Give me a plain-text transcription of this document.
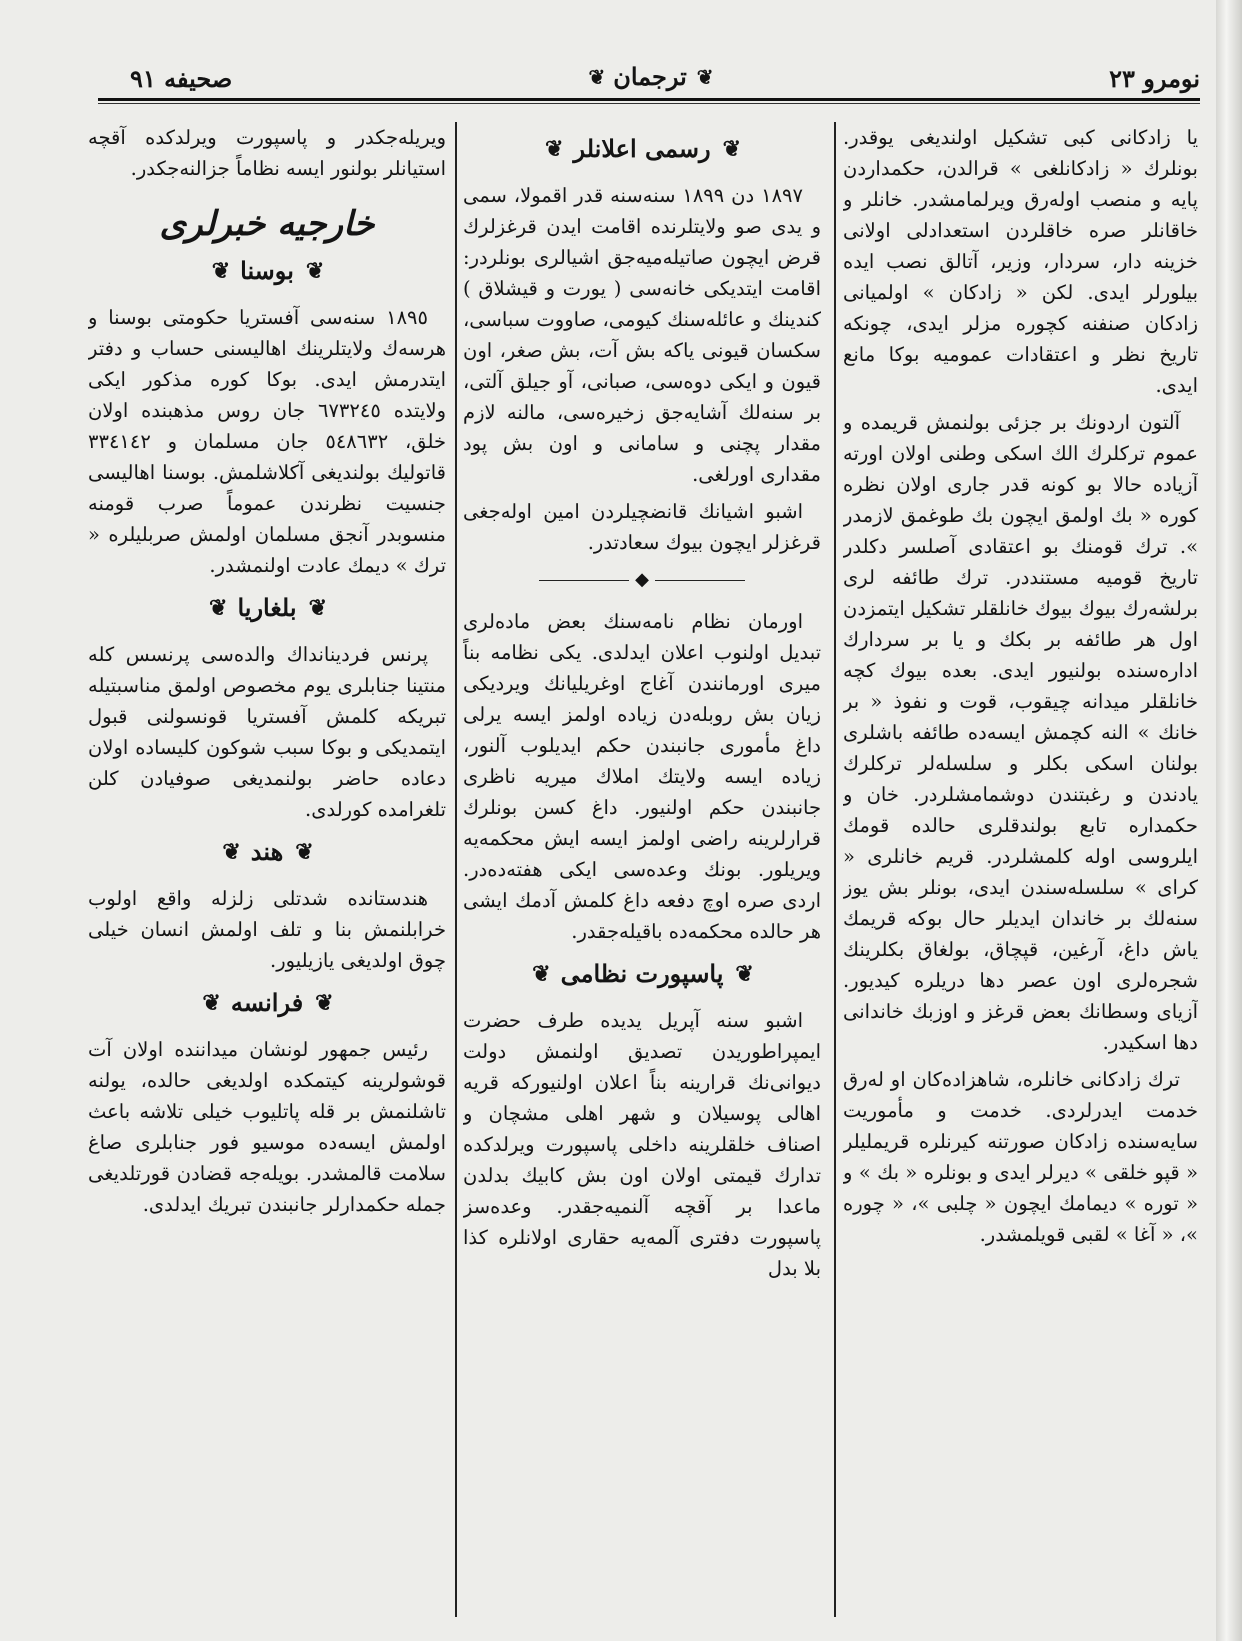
نومرو ٢٣
❦
ترجمان
❦
صحیفه ٩١

یا زادکانی کبی تشکیل اولندیغی یوقدر. بونلرك « زادکانلغی » قرالدن، حکمداردن پایه و منصب اولەرق ویرلمامشدر. خانلر و خاقانلر صره خاقلردن استعدادلی اولانی خزینه دار، سردار، وزیر، آتالق نصب ایده بیلورلر ایدی. لکن « زادکان » اولمیانی زادکان صنفنه کچوره مزلر ایدی، چونکه تاریخ نظر و اعتقادات عمومیه بوکا مانع ایدی.

آلتون اردونك بر جزئی بولنمش قریمده و عموم ترکلرك الك اسکی وطنی اولان اورته آزیاده حالا بو کونه قدر جاری اولان نظره کوره « بك اولمق ایچون بك طوغمق لازمدر ». ترك قومنك بو اعتقادی آصلسر دکلدر تاریخ قومیه مستنددر. ترك طائفه لری برلشەرك بیوك بیوك خانلقلر تشکیل ایتمزدن اول هر طائفه بر بکك و یا بر سردارك ادارەسنده بولنیور ایدی. بعده بیوك کچه خانلقلر میدانه چیقوب، قوت و نفوذ « بر خانك » النه کچمش ایسەده طائفه باشلری بولنان اسکی بکلر و سلسلەلر ترکلرك یادندن و رغبتندن دوشمامشلردر. خان و حکمدارە تابع بولندقلری حالده قومك ایلروسی اوله کلمشلردر. قریم خانلری « کرای » سلسلەسندن ایدی، بونلر بش یوز سنەلك بر خاندان ایدیلر حال بوکه قریمك یاش داغ، آرغین، قپچاق، بولغاق بکلرینك شجرەلری اون عصر دها دریلره کیدیور. آزیای وسطانك بعض قرغز و اوزبك خاندانی دها اسکیدر.

ترك زادکانی خانلره، شاهزادەکان او لەرق خدمت ایدرلردی. خدمت و مأموریت سایەسنده زادکان صورتنه کیرنلره قریملیلر « قپو خلقی » دیرلر ایدی و بونلره « بك » و « توره » دیمامك ایچون « چلبی »، « چوره »، « آغا » لقبی قویلمشدر.

❦
رسمی اعلانلر
❦

١٨٩٧ دن ١٨٩٩ سنەسنه قدر اقمولا، سمی و یدی صو ولایتلرنده اقامت ایدن قرغزلرك قرض ایچون صاتیلەمیەجق اشیالری بونلردر: اقامت ایتدیکی خانەسی ( یورت و قیشلاق ) کندینك و عائلەسنك کیومی، صاووت سباسی، سکسان قیونی یاکه بش آت، بش صغر، اون قیون و ایکی دوەسی، صبانی، آو جیلق آلتی، بر سنەلك آشایەجق زخیرەسی، مالنه لازم مقدار پچنی و سامانی و اون بش پود مقداری اورلغی.

اشبو اشیانك قانضچیلردن امین اولەجغی قرغزلر ایچون بیوك سعادتدر.

◆

اورمان نظام نامەسنك بعض مادەلری تبدیل اولنوب اعلان ایدلدی. یکی نظامه بناً میری اورمانندن آغاج اوغریلیانك ویردیکی زیان بش روبلەدن زیاده اولمز ایسه یرلی داغ مأموری جانبندن حکم ایدیلوب آلنور، زیاده ایسه ولایتك املاك میریه ناظری جانبندن حکم اولنیور. داغ کسن بونلرك قرارلرینه راضی اولمز ایسه ایش محکمەیه ویریلور. بونك وعدەسی ایکی هفتەدەدر. اردی صره اوچ دفعه داغ کلمش آدمك ایشی هر حالده محکمەده باقیلەجقدر.

❦
پاسپورت نظامی
❦

اشبو سنه آپریل یدیده طرف حضرت ایمپراطوریدن تصدیق اولنمش دولت دیوانی‌نك قرارینه بناً اعلان اولنیورکه قریه اهالی پوسیلان و شهر اهلی مشچان و اصناف خلقلرینه داخلی پاسپورت ویرلدکده تدارك قیمتی اولان اون بش کابیك بدلدن ماعدا بر آقچه آلنمیەجقدر. وعدەسز پاسپورت دفتری آلمەیه حقاری اولانلره کذا بلا بدل

ویریلەجکدر و پاسپورت ویرلدکده آقچه استیانلر بولنور ایسه نظاماً جزالنەجکدر.

خارجیه خبرلری
❦
بوسنا
❦

١٨٩٥ سنەسی آفستریا حکومتی بوسنا و هرسەك ولایتلرینك اهالیسنی حساب و دفتر ایتدرمش ایدی. بوکا کوره مذکور ایکی ولایتده ٦٧٣٢٤٥ جان روس مذهبنده اولان خلق، ٥٤٨٦٣٢ جان مسلمان و ٣٣٤١٤٢ قاتولیك بولندیغی آکلاشلمش. بوسنا اهالیسی جنسیت نظرندن عموماً صرب قومنه منسوبدر آنجق مسلمان اولمش صربلیلره « ترك » دیمك عادت اولنمشدر.

❦
بلغاریا
❦

پرنس فردینانداك والدەسی پرنسس کله منتینا جنابلری یوم مخصوص اولمق مناسبتیله تبریکه کلمش آفستریا قونسولنی قبول ایتمدیکی و بوکا سبب شوکون کلیساده اولان دعاده حاضر بولنمدیغی صوفیادن کلن تلغرامده کورلدی.

❦
هند
❦

هندستانده شدتلی زلزله واقع اولوب خرابلنمش بنا و تلف اولمش انسان خیلی چوق اولدیغی یازیلیور.

❦
فرانسه
❦

رئیس جمهور لونشان میداننده اولان آت قوشولرینه کیتمکده اولدیغی حالده، یولنه تاشلنمش بر قله پاتلیوب خیلی تلاشه باعث اولمش ایسەده موسیو فور جنابلری صاغ سلامت قالمشدر. بویلەجه قضادن قورتلدیغی جمله حکمدارلر جانبندن تبریك ایدلدی.
